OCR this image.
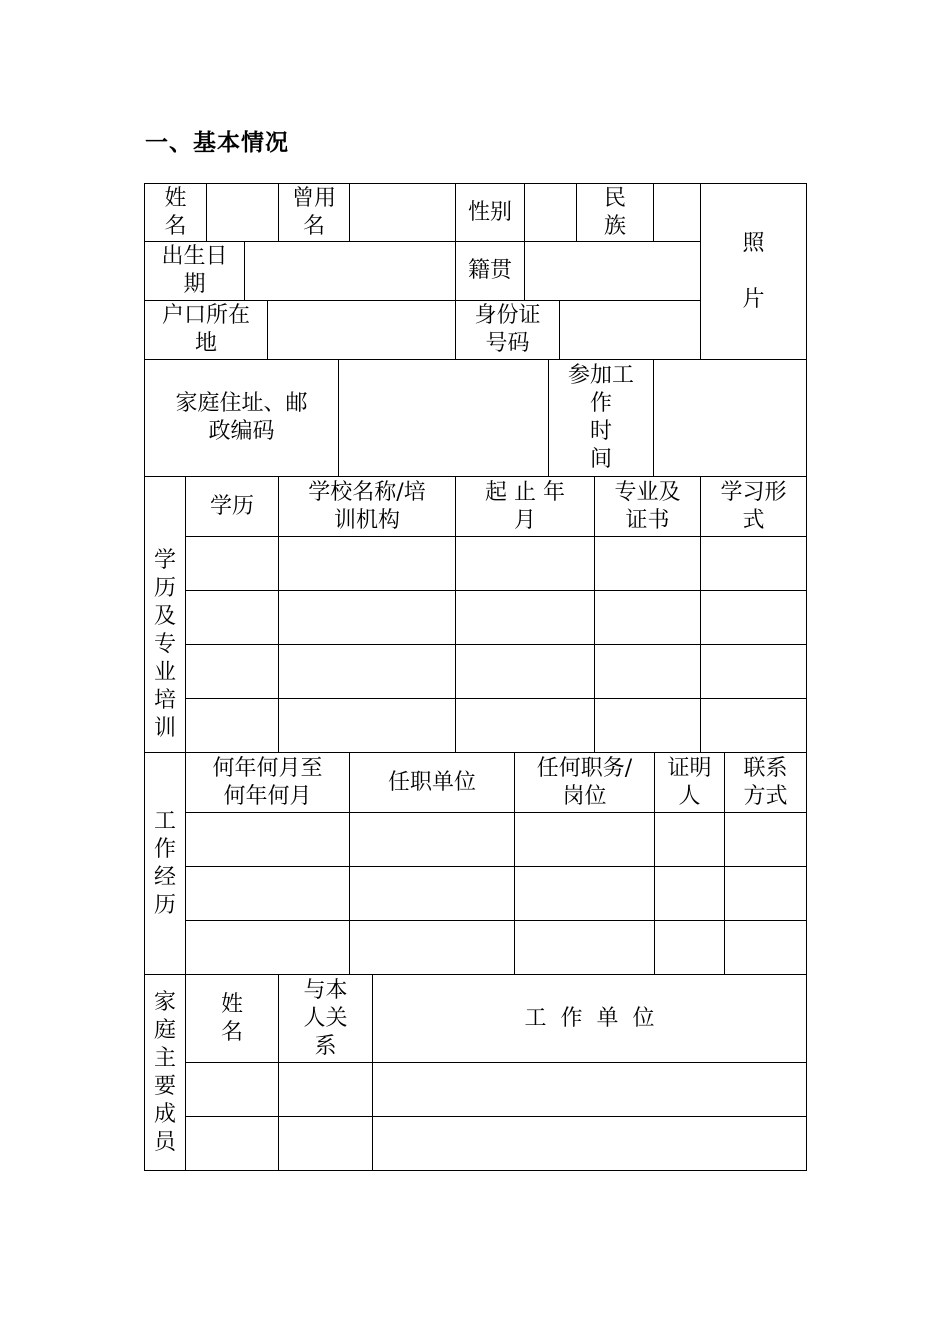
一、基本情况
姓
名
曾用
名
性别
民
族
照

片
出生日
期
籍贯
户口所在
地
身份证
号码
家庭住址、邮
政编码
参加工
作
时
间
学
历
及
专
业
培
训
学历
学校名称/培
训机构
起 止 年
月
专业及
证书
学习形
式
工
作
经
历
何年何月至
何年何月
任职单位
任何职务/
岗位
证明
人
联系
方式
家
庭
主
要
成
员
姓
名
与本
人关
系
工  作  单  位
